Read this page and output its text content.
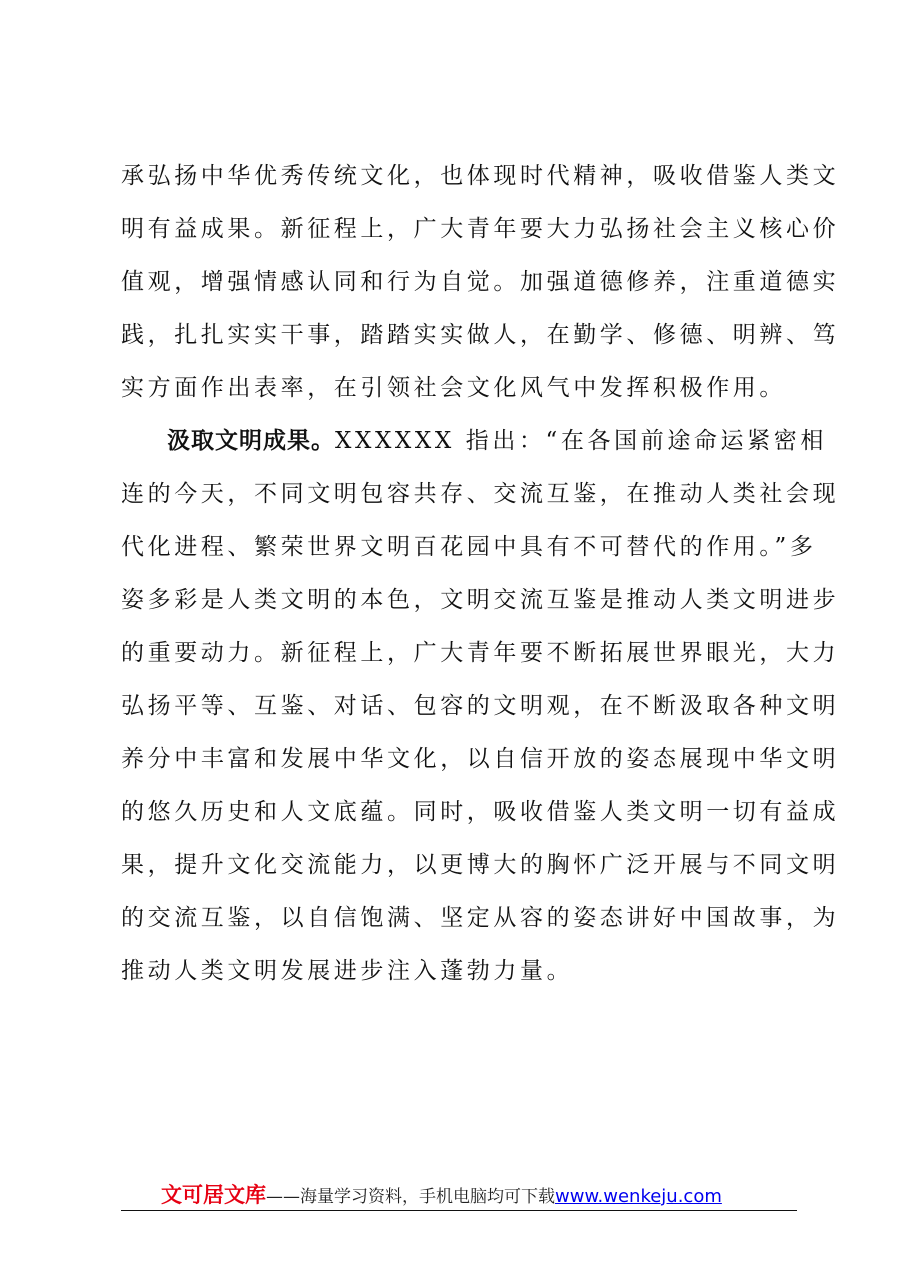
承弘扬中华优秀传统文化，也体现时代精神，吸收借鉴人类文
明有益成果。新征程上，广大青年要大力弘扬社会主义核心价
值观，增强情感认同和行为自觉。加强道德修养，注重道德实
践，扎扎实实干事，踏踏实实做人，在勤学、修德、明辨、笃
实方面作出表率，在引领社会文化风气中发挥积极作用。
汲取文明成果。XXXXXX 指出：“在各国前途命运紧密相
连的今天，不同文明包容共存、交流互鉴，在推动人类社会现
代化进程、繁荣世界文明百花园中具有不可替代的作用。”多
姿多彩是人类文明的本色，文明交流互鉴是推动人类文明进步
的重要动力。新征程上，广大青年要不断拓展世界眼光，大力
弘扬平等、互鉴、对话、包容的文明观，在不断汲取各种文明
养分中丰富和发展中华文化，以自信开放的姿态展现中华文明
的悠久历史和人文底蕴。同时，吸收借鉴人类文明一切有益成
果，提升文化交流能力，以更博大的胸怀广泛开展与不同文明
的交流互鉴，以自信饱满、坚定从容的姿态讲好中国故事，为
推动人类文明发展进步注入蓬勃力量。
文可居文库——海量学习资料，手机电脑均可下载www.wenkeju.com
